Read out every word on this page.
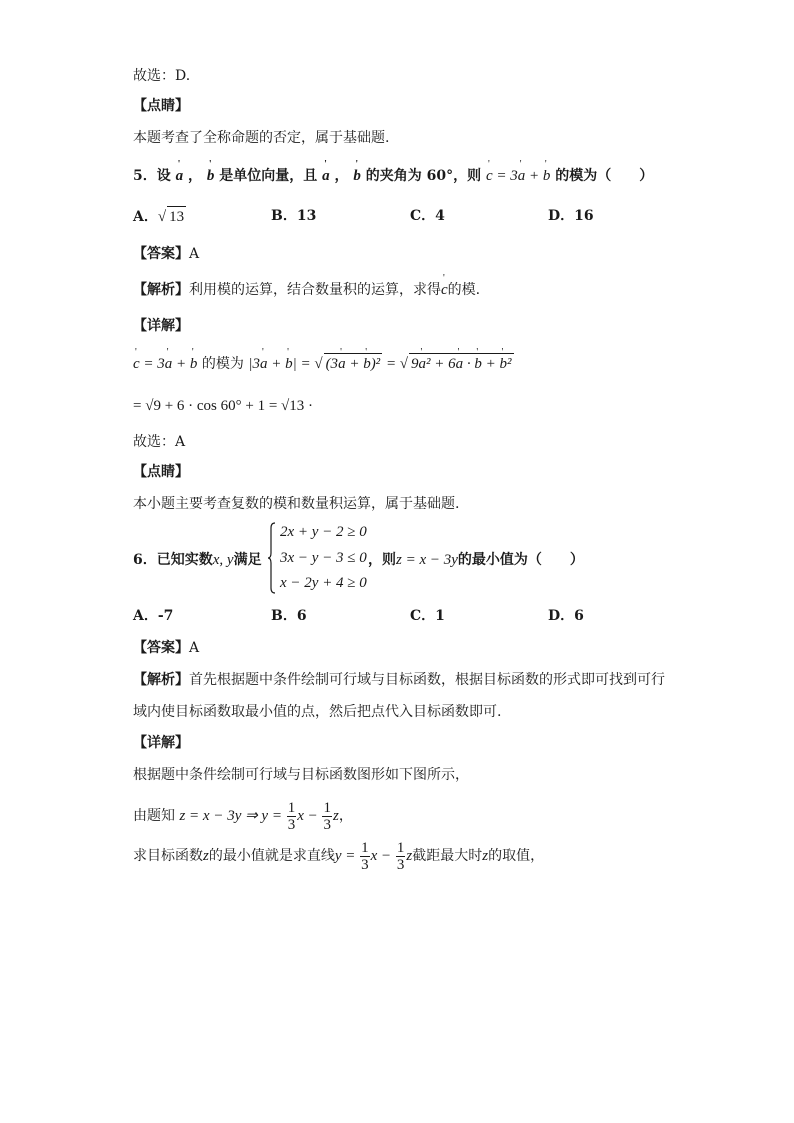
故选：D.
【点睛】
本题考查了全称命题的否定，属于基础题.
5．设 ' a ， ' b 是单位向量，且 ' a ， ' b 的夹角为 60°，则 ' c = 3' a + ' b 的模为（　　）
A．√ 13	B．13	C．4	D．16
【答案】A
【解析】利用模的运算，结合数量积的运算，求得' c的模.
【详解】
' c = 3' a + ' b 的模为 |3' a + ' b| = √ (3' a + ' b)² = √ 9' a² + 6' a · ' b + ' b²
= √9 + 6 · cos 60° + 1 = √13 ·
故选：A
【点睛】
本小题主要考查复数的模和数量积运算，属于基础题.
6．已知实数x, y满足
2x + y − 2 ≥ 0
3x − y − 3 ≤ 0
x − 2y + 4 ≥ 0
，则z = x − 3y的最小值为（　　）
A．-7	B．6	C．1	D．6
【答案】A
【解析】首先根据题中条件绘制可行域与目标函数，根据目标函数的形式即可找到可行
域内使目标函数取最小值的点，然后把点代入目标函数即可.
【详解】
根据题中条件绘制可行域与目标函数图形如下图所示，
由题知 z = x − 3y ⇒ $y = \frac{1}{3}$ $x - \frac{1}{3}$ z，
求目标函数z的最小值就是求直线$y = \frac{1}{3}$ $x - \frac{1}{3}$ z截距最大时z的取值，
